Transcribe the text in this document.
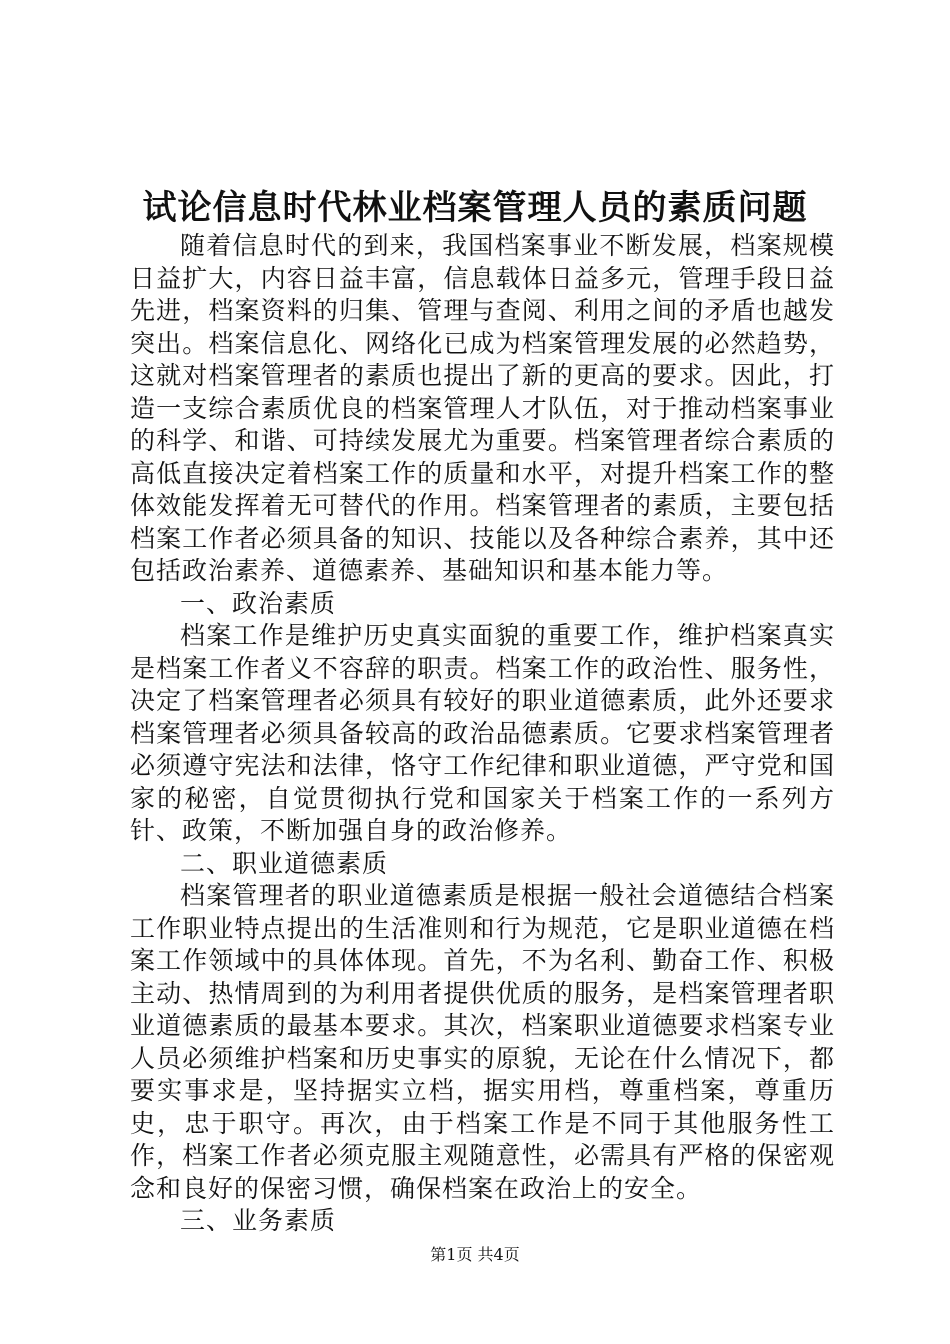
试论信息时代林业档案管理人员的素质问题

随着信息时代的到来，我国档案事业不断发展，档案规模日益扩大，内容日益丰富，信息载体日益多元，管理手段日益先进，档案资料的归集、管理与查阅、利用之间的矛盾也越发突出。档案信息化、网络化已成为档案管理发展的必然趋势，这就对档案管理者的素质也提出了新的更高的要求。因此，打造一支综合素质优良的档案管理人才队伍，对于推动档案事业的科学、和谐、可持续发展尤为重要。档案管理者综合素质的高低直接决定着档案工作的质量和水平，对提升档案工作的整体效能发挥着无可替代的作用。档案管理者的素质，主要包括档案工作者必须具备的知识、技能以及各种综合素养，其中还包括政治素养、道德素养、基础知识和基本能力等。

一、政治素质

档案工作是维护历史真实面貌的重要工作，维护档案真实是档案工作者义不容辞的职责。档案工作的政治性、服务性，决定了档案管理者必须具有较好的职业道德素质，此外还要求档案管理者必须具备较高的政治品德素质。它要求档案管理者必须遵守宪法和法律，恪守工作纪律和职业道德，严守党和国家的秘密，自觉贯彻执行党和国家关于档案工作的一系列方针、政策，不断加强自身的政治修养。

二、职业道德素质

档案管理者的职业道德素质是根据一般社会道德结合档案工作职业特点提出的生活准则和行为规范，它是职业道德在档案工作领域中的具体体现。首先，不为名利、勤奋工作、积极主动、热情周到的为利用者提供优质的服务，是档案管理者职业道德素质的最基本要求。其次，档案职业道德要求档案专业人员必须维护档案和历史事实的原貌，无论在什么情况下，都要实事求是，坚持据实立档，据实用档，尊重档案，尊重历史，忠于职守。再次，由于档案工作是不同于其他服务性工作，档案工作者必须克服主观随意性，必需具有严格的保密观念和良好的保密习惯，确保档案在政治上的安全。

三、业务素质

第1页 共4页
